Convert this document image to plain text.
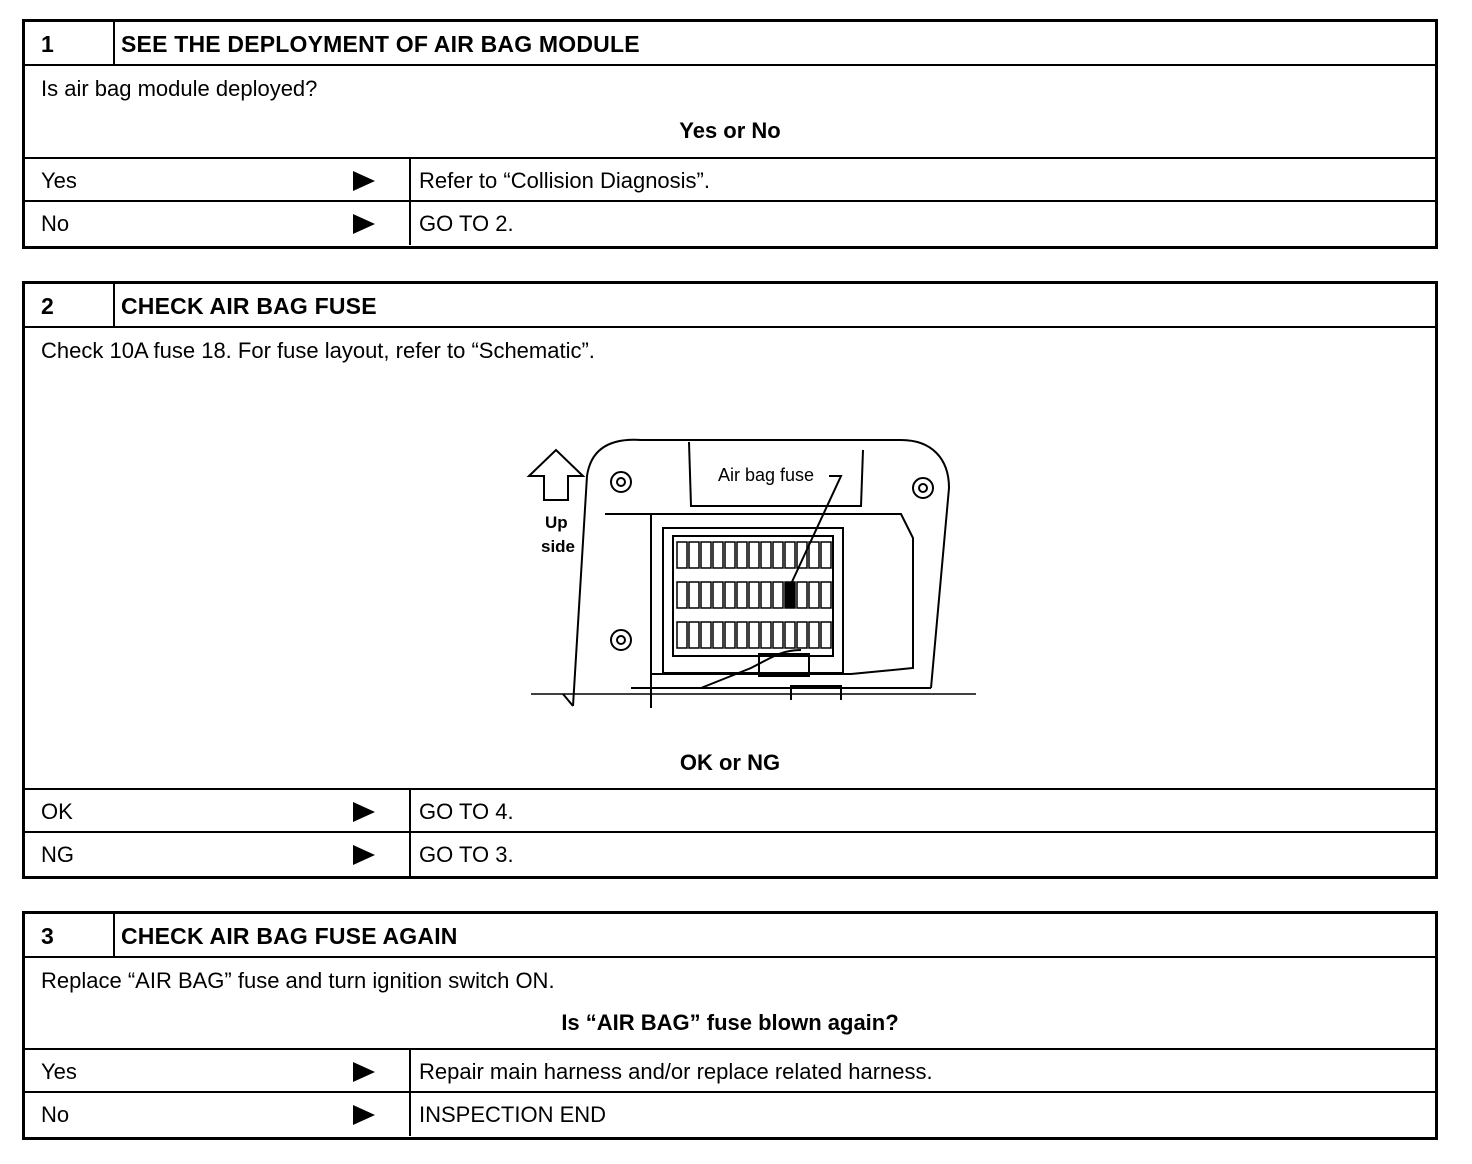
1	SEE THE DEPLOYMENT OF AIR BAG MODULE
Is air bag module deployed?
Yes or No
Yes	Refer to “Collision Diagnosis”.
No	GO TO 2.
2	CHECK AIR BAG FUSE
Check 10A fuse 18. For fuse layout, refer to “Schematic”.
Air bag fuse
Up
side
OK or NG
OK	GO TO 4.
NG	GO TO 3.
3	CHECK AIR BAG FUSE AGAIN
Replace “AIR BAG” fuse and turn ignition switch ON.
Is “AIR BAG” fuse blown again?
Yes	Repair main harness and/or replace related harness.
No	INSPECTION END
